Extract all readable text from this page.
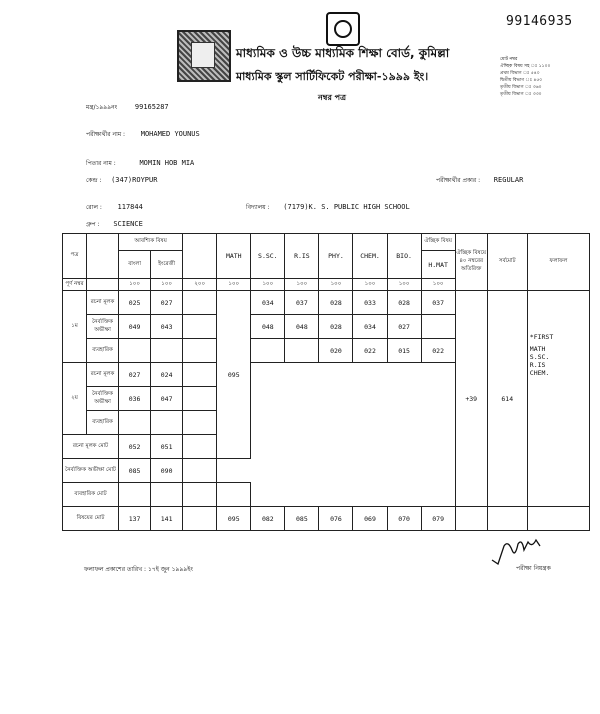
99146935
মাধ্যমিক ও উচ্চ মাধ্যমিক শিক্ষা বোর্ড, কুমিল্লা
মাধ্যমিক স্কুল সার্টিফিকেট পরীক্ষা-১৯৯৯ ইং।
নম্বর পত্র
মোট নম্বর
ঐচ্ছিক বিষয় সহ ঃ ১১০০
প্রথম বিভাগ ঃ ৫৪০
দ্বিতীয় বিভাগ ঃ ৪৫০
তৃতীয় বিভাগ ঃ ৩৬০
তৃতীয় বিভাগ ঃ ৩৩০
মন্ত্র/১৯৯৯নং	99165287
পরীক্ষার্থীর নাম : MOHAMED YOUNUS
পিতার নাম :	MOMIN HOB MIA
কেন্দ্র : (347)ROYPUR	পরীক্ষার্থীর প্রকার : REGULAR
রোল : 117844	বিদ্যালয় : (7179)K. S. PUBLIC HIGH SCHOOL
গ্রুপ : SCIENCE
পত্র		আবশ্যিক বিষয়			MATH	S.SC.	R.IS	PHY.	CHEM.	BIO.	ঐচ্ছিক বিষয়	ঐচ্ছিক বিষয়ে ৪০ নম্বরের অতিরিক্ত	সর্বমোট	ফলাফল
		বাংলা	ইংরেজী								H.MAT			
পূর্ণ নম্বর		১০০	১০০	২০০	১০০	১০০	১০০	১০০	১০০	১০০	১০০			
১ম	রচনা মূলক	025	027		095	034	037	028	033	028	037	+39	614	*FIRST
MATH
S.SC.
R.IS
CHEM.

	নৈর্ব্যক্তিক অভীক্ষা	049	043			048	048	028	034	027				
	ব্যবহারিক							020	022	015	022			
২য়	রচনা মূলক	027	024											
	নৈর্ব্যক্তিক অভীক্ষা	036	047											
	ব্যবহারিক													
রচনা মূলক মোট		052	051											
নৈর্ব্যক্তিক অভীক্ষা মোট		085	090											
ব্যবহারিক মোট														
বিষয়ের মোট		137	141		095	082	085	076	069	070	079			
ফলাফল প্রকাশের তারিখ : ১৭ই জুন ১৯৯৯ইং	পরীক্ষা নিয়ন্ত্রক
